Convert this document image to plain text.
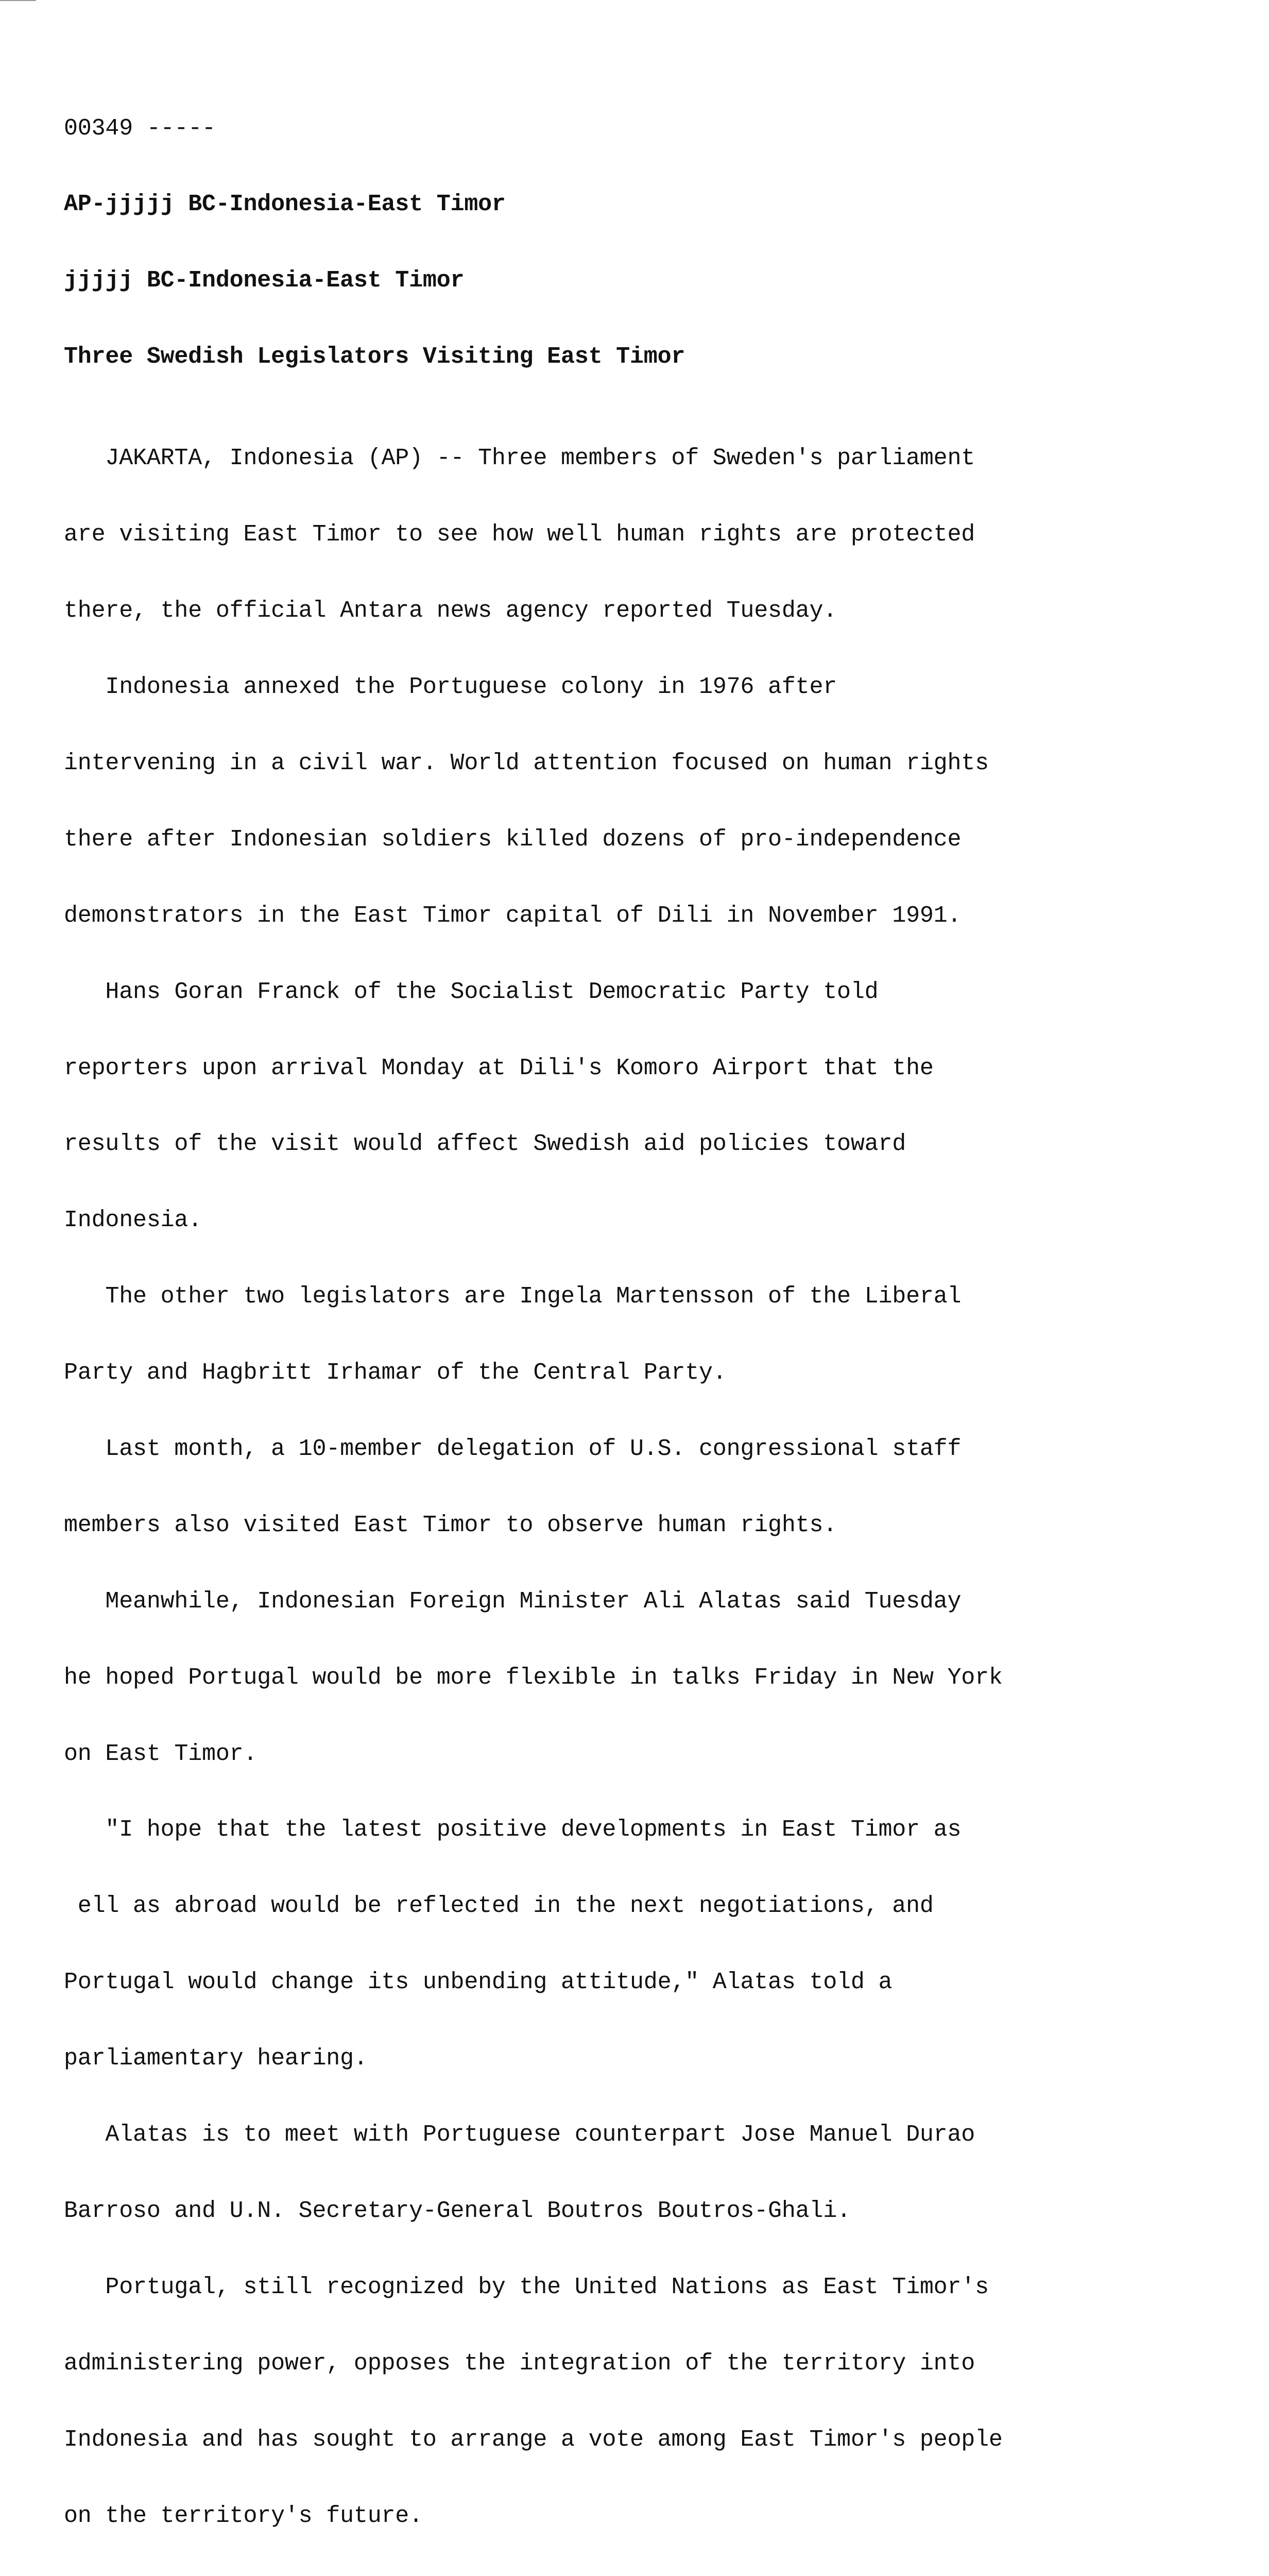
00349 -----

AP-jjjjj BC-Indonesia-East Timor

jjjjj BC-Indonesia-East Timor

Three Swedish Legislators Visiting East Timor

JAKARTA, Indonesia (AP) -- Three members of Sweden's parliament

are visiting East Timor to see how well human rights are protected

there, the official Antara news agency reported Tuesday.

Indonesia annexed the Portuguese colony in 1976 after

intervening in a civil war. World attention focused on human rights

there after Indonesian soldiers killed dozens of pro-independence

demonstrators in the East Timor capital of Dili in November 1991.

Hans Goran Franck of the Socialist Democratic Party told

reporters upon arrival Monday at Dili's Komoro Airport that the

results of the visit would affect Swedish aid policies toward

Indonesia.

The other two legislators are Ingela Martensson of the Liberal

Party and Hagbritt Irhamar of the Central Party.

Last month, a 10-member delegation of U.S. congressional staff

members also visited East Timor to observe human rights.

Meanwhile, Indonesian Foreign Minister Ali Alatas said Tuesday

he hoped Portugal would be more flexible in talks Friday in New York

on East Timor.

"I hope that the latest positive developments in East Timor as

ell as abroad would be reflected in the next negotiations, and

Portugal would change its unbending attitude," Alatas told a

parliamentary hearing.

Alatas is to meet with Portuguese counterpart Jose Manuel Durao

Barroso and U.N. Secretary-General Boutros Boutros-Ghali.

Portugal, still recognized by the United Nations as East Timor's

administering power, opposes the integration of the territory into

Indonesia and has sought to arrange a vote among East Timor's people

on the territory's future.
